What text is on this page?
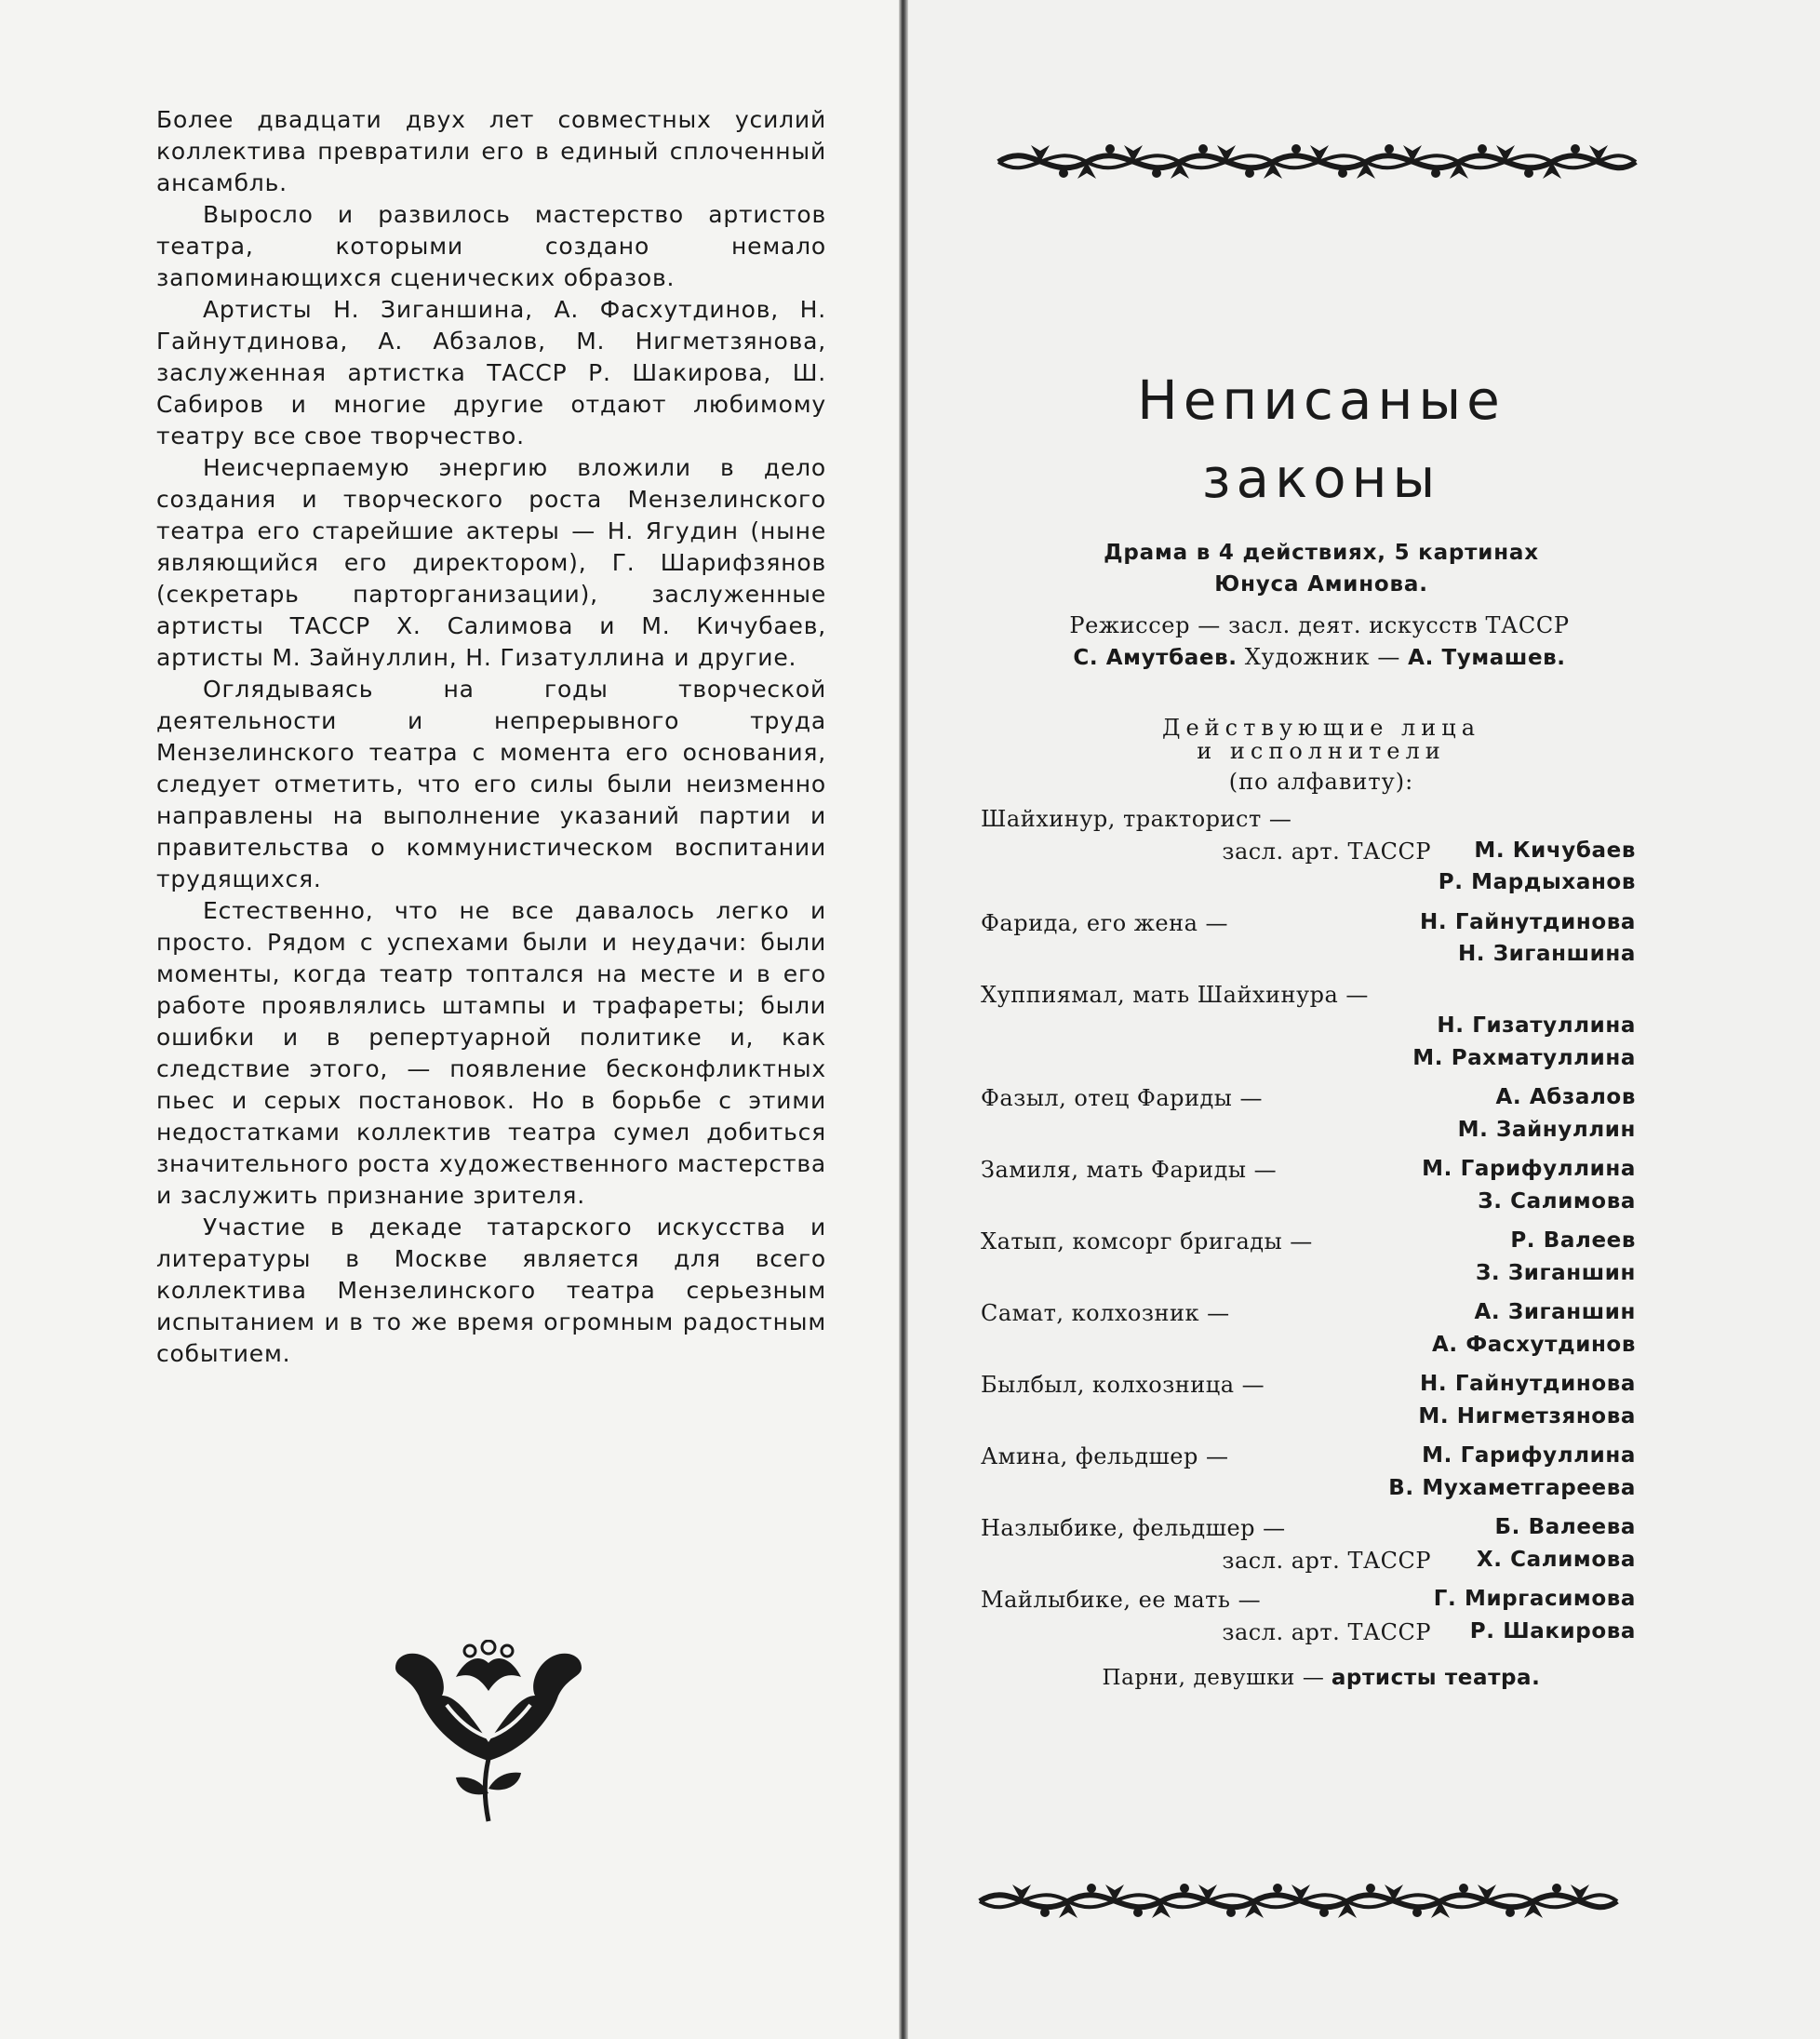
Более двадцати двух лет совместных усилий коллектива превратили его в единый сплоченный ансамбль.

Выросло и развилось мастерство артистов театра, которыми создано немало запоминающихся сценических образов.

Артисты Н. Зиганшина, А. Фасхутдинов, Н. Гайнутдинова, А. Абзалов, М. Нигметзянова, заслуженная артистка ТАССР Р. Шакирова, Ш. Сабиров и многие другие отдают любимому театру все свое творчество.

Неисчерпаемую энергию вложили в дело создания и творческого роста Мензелинского театра его старейшие актеры — Н. Ягудин (ныне являющийся его директором), Г. Шарифзянов (секретарь парторганизации), заслуженные артисты ТАССР Х. Салимова и М. Кичубаев, артисты М. Зайнуллин, Н. Гизатуллина и другие.

Оглядываясь на годы творческой деятельности и непрерывного труда Мензелинского театра с момента его основания, следует отметить, что его силы были неизменно направлены на выполнение указаний партии и правительства о коммунистическом воспитании трудящихся.

Естественно, что не все давалось легко и просто. Рядом с успехами были и неудачи: были моменты, когда театр топтался на месте и в его работе проявлялись штампы и трафареты; были ошибки и в репертуарной политике и, как следствие этого, — появление бесконфликтных пьес и серых постановок. Но в борьбе с этими недостатками коллектив театра сумел добиться значительного роста художественного мастерства и заслужить признание зрителя.

Участие в декаде татарского искусства и литературы в Москве является для всего коллектива Мензелинского театра серьезным испытанием и в то же время огромным радостным событием.

Неписаные
законы
Драма в 4 действиях, 5 картинах
Юнуса Аминова.
Режиссер — засл. деят. искусств ТАССР
С. Амутбаев. Художник — А. Тумашев.
Действующие лица
и исполнители
(по алфавиту):
Шайхинур, тракторист —
засл. арт. ТАССР М. Кичубаев
Р. Мардыханов
Фарида, его жена —	Н. Гайнутдинова
Н. Зиганшина
Хуппиямал, мать Шайхинура —
Н. Гизатуллина
М. Рахматуллина
Фазыл, отец Фариды —	А. Абзалов
М. Зайнуллин
Замиля, мать Фариды —	М. Гарифуллина
З. Салимова
Хатып, комсорг бригады —	Р. Валеев
З. Зиганшин
Самат, колхозник —	А. Зиганшин
А. Фасхутдинов
Былбыл, колхозница —	Н. Гайнутдинова
М. Нигметзянова
Амина, фельдшер —	М. Гарифуллина
В. Мухаметгареева
Назлыбике, фельдшер —	Б. Валеева
засл. арт. ТАССР Х. Салимова
Майлыбике, ее мать —	Г. Миргасимова
засл. арт. ТАССР Р. Шакирова
Парни, девушки — артисты театра.
